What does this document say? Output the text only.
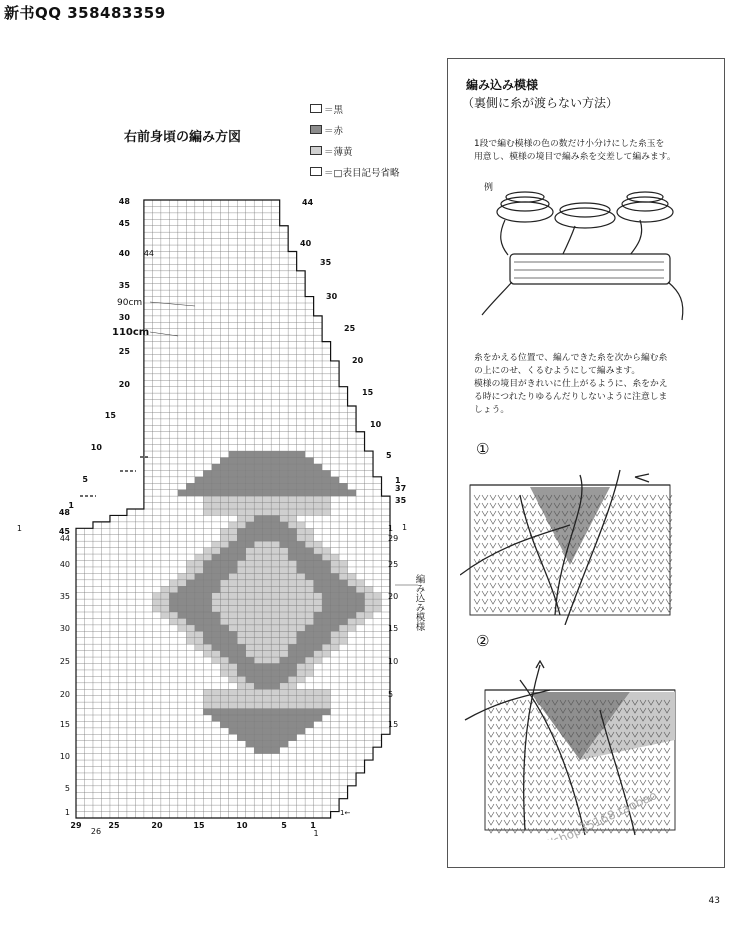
新书QQ 358483359
右前身頃の編み方図
＝黒
＝赤
＝薄黄
＝□表目記号省略
48
45
40
35
30
25
20
15
10
5
1
44
48
45
44
40
35
30
25
20
15
10
5
1
1
44
40
35
30
25
20
15
10
5
1
37
35
29
25
20
15
10
5
1
15
1
29	25	20	15	10	5	1
26	1
1←
90cm
110cm
編み込み模様
編み込み模様
（裏側に糸が渡らない方法）
1段で編む模様の色の数だけ小分けにした糸玉を
用意し、模様の境目で編み糸を交差して編みます。
例
糸をかえる位置で、編んできた糸を次から編む糸
の上にのせ、くるむようにして編みます。
模様の境目がきれいに仕上がるように、糸をかえ
る時につれたりゆるんだりしないように注意しま
しょう。
①
②
43
